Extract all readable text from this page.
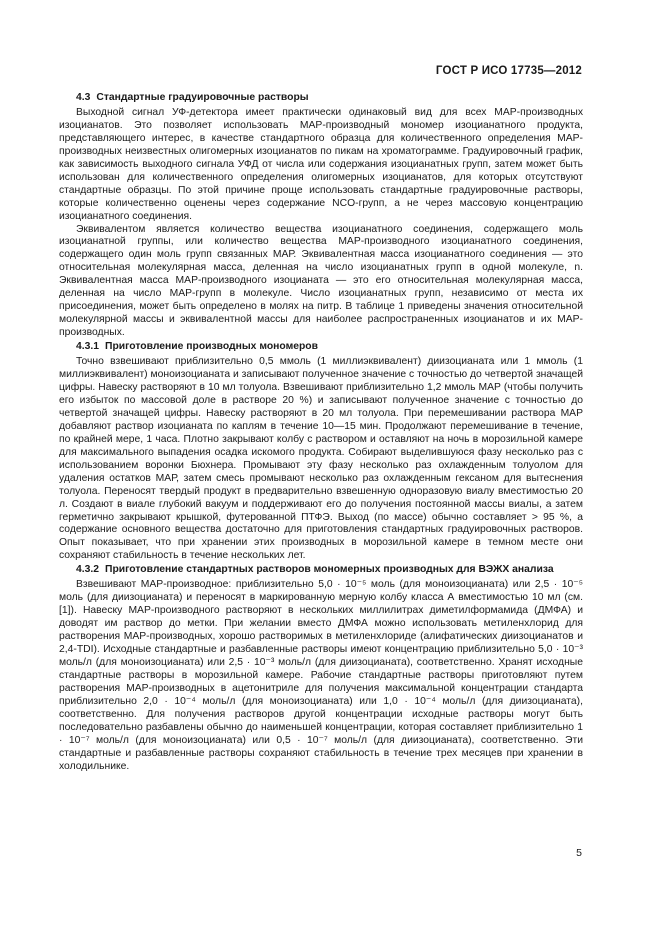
ГОСТ Р ИСО 17735—2012
4.3 Стандартные градуировочные растворы

Выходной сигнал УФ-детектора имеет практически одинаковый вид для всех МАР-производных изоцианатов. Это позволяет использовать МАР-производный мономер изоцианатного продукта, представляющего интерес, в качестве стандартного образца для количественного определения МАР-производных неизвестных олигомерных изоцианатов по пикам на хроматограмме. Градуировочный график, как зависимость выходного сигнала УФД от числа или содержания изоцианатных групп, затем может быть использован для количественного определения олигомерных изоцианатов, для которых отсутствуют стандартные образцы. По этой причине проще использовать стандартные градуировочные растворы, которые количественно оценены через содержание NCO-групп, а не через массовую концентрацию изоцианатного соединения.

Эквивалентом является количество вещества изоцианатного соединения, содержащего моль изоцианатной группы, или количество вещества МАР-производного изоцианатного соединения, содержащего один моль групп связанных МАР. Эквивалентная масса изоцианатного соединения — это относительная молекулярная масса, деленная на число изоцианатных групп в одной молекуле, n. Эквивалентная масса МАР-производного изоцианата — это его относительная молекулярная масса, деленная на число МАР-групп в молекуле. Число изоцианатных групп, независимо от места их присоединения, может быть определено в молях на питр. В таблице 1 приведены значения относительной молекулярной массы и эквивалентной массы для наиболее распространенных изоцианатов и их МАР-производных.

4.3.1 Приготовление производных мономеров

Точно взвешивают приблизительно 0,5 ммоль (1 миллиэквивалент) диизоцианата или 1 ммоль (1 миллиэквивалент) моноизоцианата и записывают полученное значение с точностью до четвертой значащей цифры. Навеску растворяют в 10 мл толуола. Взвешивают приблизительно 1,2 ммоль МАР (чтобы получить его избыток по массовой доле в растворе 20 %) и записывают полученное значение с точностью до четвертой значащей цифры. Навеску растворяют в 20 мл толуола. При перемешивании раствора МАР добавляют раствор изоцианата по каплям в течение 10—15 мин. Продолжают перемешивание в течение, по крайней мере, 1 часа. Плотно закрывают колбу с раствором и оставляют на ночь в морозильной камере для максимального выпадения осадка искомого продукта. Собирают выделившуюся фазу несколько раз с использованием воронки Бюхнера. Промывают эту фазу несколько раз охлажденным толуолом для удаления остатков МАР, затем смесь промывают несколько раз охлажденным гексаном для вытеснения толуола. Переносят твердый продукт в предварительно взвешенную одноразовую виалу вместимостью 20 л. Создают в виале глубокий вакуум и поддерживают его до получения постоянной массы виалы, а затем герметично закрывают крышкой, футерованной ПТФЭ. Выход (по массе) обычно составляет > 95 %, а содержание основного вещества достаточно для приготовления стандартных градуировочных растворов. Опыт показывает, что при хранении этих производных в морозильной камере в темном месте они сохраняют стабильность в течение нескольких лет.

4.3.2 Приготовление стандартных растворов мономерных производных для ВЭЖХ анализа

Взвешивают МАР-производное: приблизительно 5,0 · 10⁻⁵ моль (для моноизоцианата) или 2,5 · 10⁻⁵ моль (для диизоцианата) и переносят в маркированную мерную колбу класса А вместимостью 10 мл (см. [1]). Навеску МАР-производного растворяют в нескольких миллилитрах диметилформамида (ДМФА) и доводят им раствор до метки. При желании вместо ДМФА можно использовать метиленхлорид для растворения МАР-производных, хорошо растворимых в метиленхлориде (алифатических диизоцианатов и 2,4-TDI). Исходные стандартные и разбавленные растворы имеют концентрацию приблизительно 5,0 · 10⁻³ моль/л (для моноизоцианата) или 2,5 · 10⁻³ моль/л (для диизоцианата), соответственно. Хранят исходные стандартные растворы в морозильной камере. Рабочие стандартные растворы приготовляют путем растворения МАР-производных в ацетонитриле для получения максимальной концентрации стандарта приблизительно 2,0 · 10⁻⁴ моль/л (для моноизоцианата) или 1,0 · 10⁻⁴ моль/л (для диизоцианата), соответственно. Для получения растворов другой концентрации исходные растворы могут быть последовательно разбавлены обычно до наименьшей концентрации, которая составляет приблизительно 1 · 10⁻⁷ моль/л (для моноизоцианата) или 0,5 · 10⁻⁷ моль/л (для диизоцианата), соответственно. Эти стандартные и разбавленные растворы сохраняют стабильность в течение трех месяцев при хранении в холодильнике.

5
